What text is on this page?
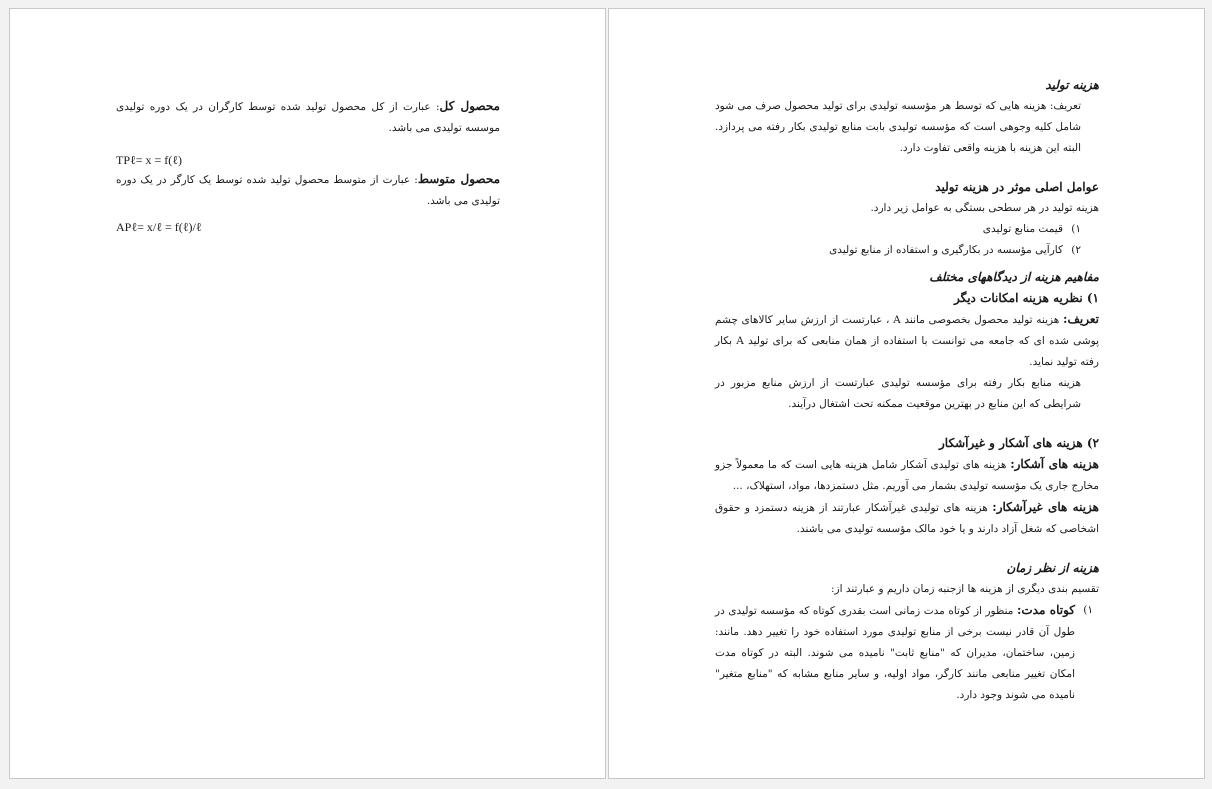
محصول کل: عبارت از کل محصول تولید شده توسط کارگران در یک دوره تولیدی موسسه تولیدی می باشد.

TPℓ= x = f(ℓ)

محصول متوسط: عبارت از متوسط محصول تولید شده توسط یک کارگر در یک دوره تولیدی می باشد.

APℓ= x/ℓ = f(ℓ)/ℓ

هزینه تولید

تعریف: هزینه هایی که توسط هر مؤسسه تولیدی برای تولید محصول صرف می شود شامل کلیه وجوهی است که مؤسسه تولیدی بابت منابع تولیدی بکار رفته می پردازد. البته این هزینه با هزینه واقعی تفاوت دارد.

عوامل اصلی موثر در هزینه تولید

هزینه تولید در هر سطحی بستگی به عوامل زیر دارد.

۱)
قیمت منابع تولیدی
۲)
کارآیی مؤسسه در بکارگیری و استفاده از منابع تولیدی

مفاهیم هزینه از دیدگاههای مختلف

۱) نظریه هزینه امکانات دیگر

تعریف: هزینه تولید محصول بخصوصی مانند A ، عبارتست از ارزش سایر کالاهای چشم پوشی شده ای که جامعه می توانست با استفاده از همان منابعی که برای تولید A بکار رفته تولید نماید.

هزینه منابع بکار رفته برای مؤسسه تولیدی عبارتست از ارزش منابع مزبور در شرایطی که این منابع در بهترین موقعیت ممکنه تحت اشتغال درآیند.

۲) هزینه های آشکار و غیرآشکار

هزینه های آشکار: هزینه های تولیدی آشکار شامل هزینه هایی است که ما معمولاً جزو مخارج جاری یک مؤسسه تولیدی بشمار می آوریم. مثل دستمزدها، مواد، استهلاک، ...

هزینه های غیرآشکار: هزینه های تولیدی غیرآشکار عبارتند از هزینه دستمزد و حقوق اشخاصی که شغل آزاد دارند و یا خود مالک مؤسسه تولیدی می باشند.

هزینه از نظر زمان

تقسیم بندی دیگری از هزینه ها ازجنبه زمان داریم و عبارتند از:

۱)
کوتاه مدت: منظور از کوتاه مدت زمانی است بقدری کوتاه که مؤسسه تولیدی در طول آن قادر نیست برخی از منابع تولیدی مورد استفاده خود را تغییر دهد. مانند: زمین، ساختمان، مدیران که "منابع ثابت" نامیده می شوند. البته در کوتاه مدت امکان تغییر منابعی مانند کارگر، مواد اولیه، و سایر منابع مشابه که "منابع متغیر" نامیده می شوند وجود دارد.
